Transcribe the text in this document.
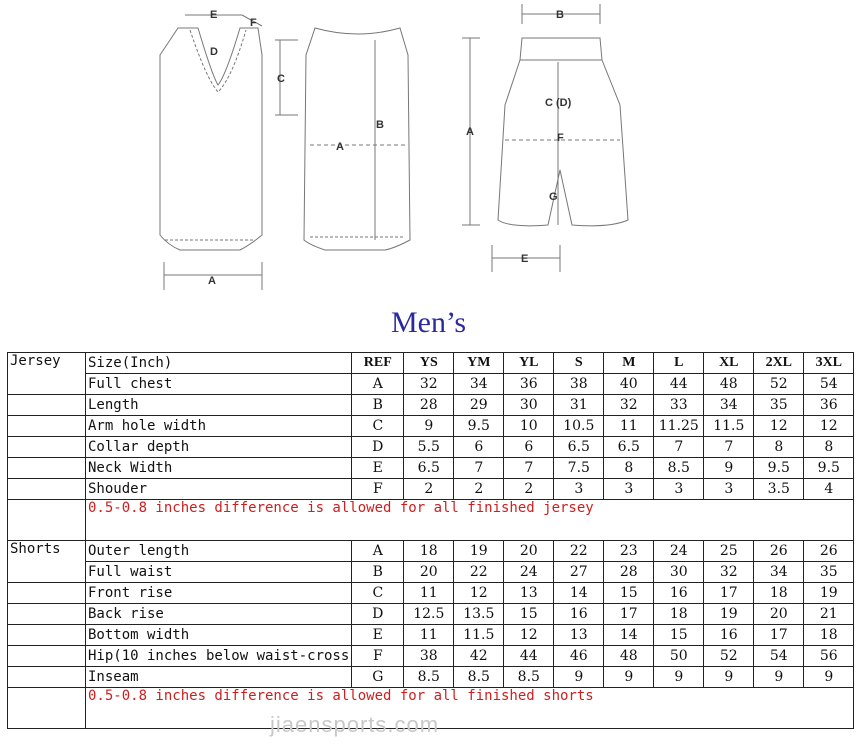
E
F
D
C
A
B
A
B
A
C (D)
F
G
E
Men’s
Jersey	Size(Inch)	REF	YS	YM	YL	S	M	L	XL	2XL	3XL
	Full chest	A	32	34	36	38	40	44	48	52	54
	Length	B	28	29	30	31	32	33	34	35	36
	Arm hole width	C	9	9.5	10	10.5	11	11.25	11.5	12	12
	Collar depth	D	5.5	6	6	6.5	6.5	7	7	8	8
	Neck Width	E	6.5	7	7	7.5	8	8.5	9	9.5	9.5
	Shouder	F	2	2	2	3	3	3	3	3.5	4
	0.5-0.8 inches difference is allowed for all finished jersey										
Shorts	Outer length	A	18	19	20	22	23	24	25	26	26
	Full waist	B	20	22	24	27	28	30	32	34	35
	Front rise	C	11	12	13	14	15	16	17	18	19
	Back rise	D	12.5	13.5	15	16	17	18	19	20	21
	Bottom width	E	11	11.5	12	13	14	15	16	17	18
	Hip(10 inches below waist-cross	F	38	42	44	46	48	50	52	54	56
	Inseam	G	8.5	8.5	8.5	9	9	9	9	9	9
	0.5-0.8 inches difference is allowed for all finished shorts										
jiaensports.com
